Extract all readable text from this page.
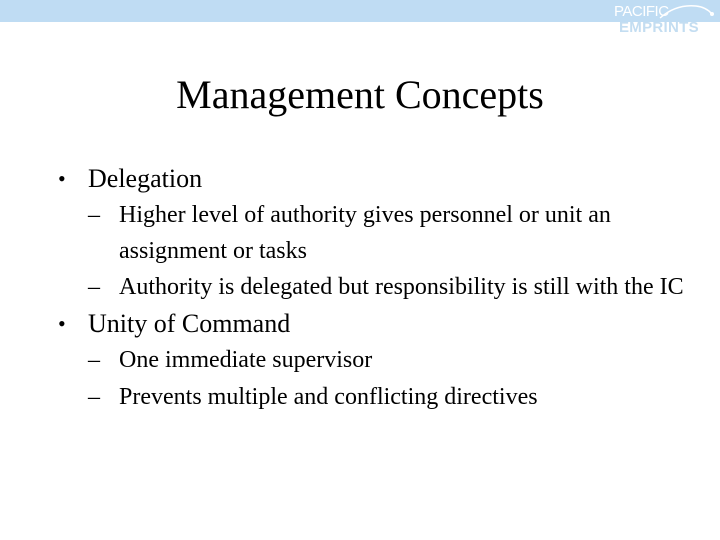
PACIFIC
EMPRINTS
Management Concepts
• Delegation
– Higher level of authority gives personnel or unit an assignment or tasks
– Authority is delegated but responsibility is still with the IC
• Unity of Command
– One immediate supervisor
– Prevents multiple and conflicting directives
